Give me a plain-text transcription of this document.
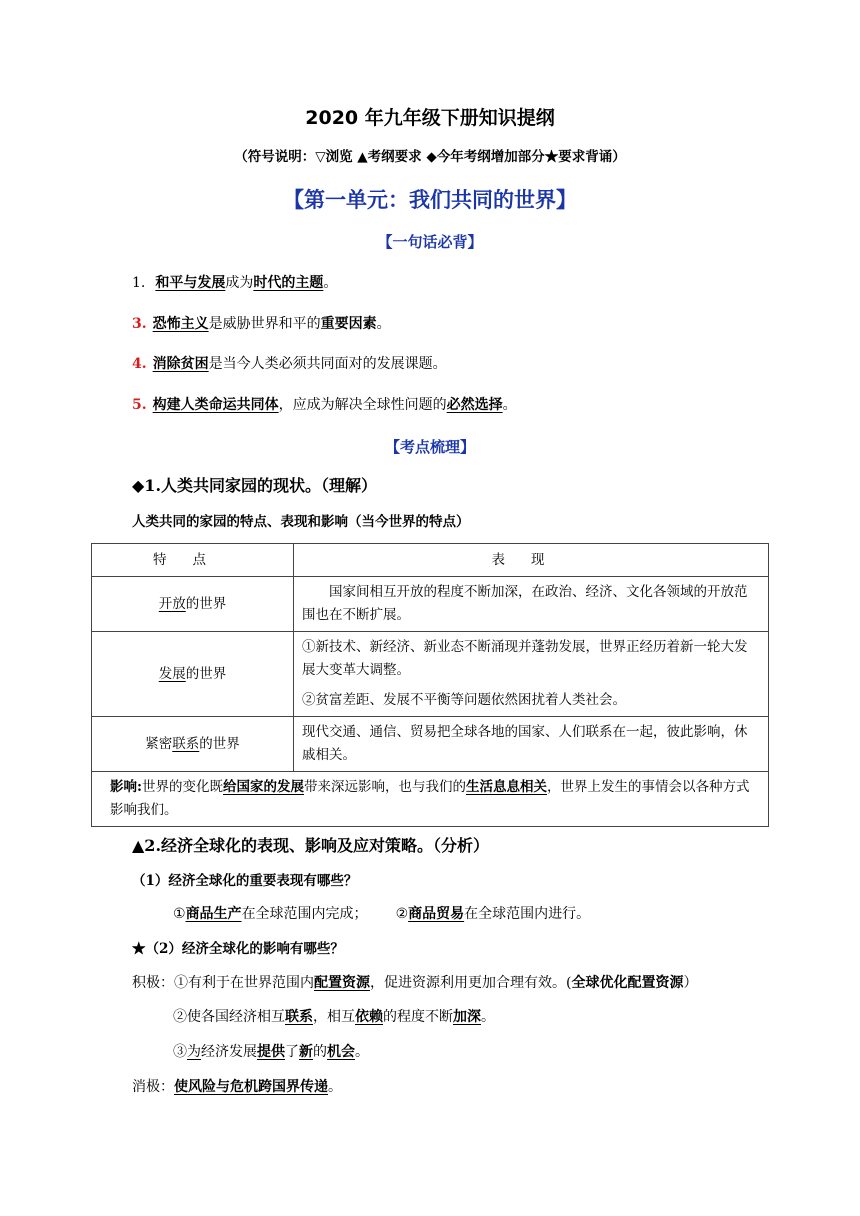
2020 年九年级下册知识提纲
（符号说明：▽浏览 ▲考纲要求 ◆今年考纲增加部分★要求背诵）
【第一单元：我们共同的世界】
【一句话必背】
1. 和平与发展成为时代的主题。
3. 恐怖主义是威胁世界和平的重要因素。
4. 消除贫困是当今人类必须共同面对的发展课题。
5. 构建人类命运共同体，应成为解决全球性问题的必然选择。
【考点梳理】
◆1.人类共同家园的现状。（理解）
人类共同的家园的特点、表现和影响（当今世界的特点）
特点	表现
开放的世界	国家间相互开放的程度不断加深，在政治、经济、文化各领域的开放范围也在不断扩展。
发展的世界	①新技术、新经济、新业态不断涌现并蓬勃发展，世界正经历着新一轮大发展大变革大调整。
②贫富差距、发展不平衡等问题依然困扰着人类社会。

紧密联系的世界	现代交通、通信、贸易把全球各地的国家、人们联系在一起，彼此影响，休戚相关。
影响:世界的变化既给国家的发展带来深远影响，也与我们的生活息息相关，世界上发生的事情会以各种方式影响我们。	
▲2.经济全球化的表现、影响及应对策略。（分析）
（1）经济全球化的重要表现有哪些？
①商品生产在全球范围内完成； ②商品贸易在全球范围内进行。
★（2）经济全球化的影响有哪些？
积极：①有利于在世界范围内配置资源，促进资源利用更加合理有效。(全球优化配置资源）
②使各国经济相互联系，相互依赖的程度不断加深。
③为经济发展提供了新的机会。
消极：使风险与危机跨国界传递。
